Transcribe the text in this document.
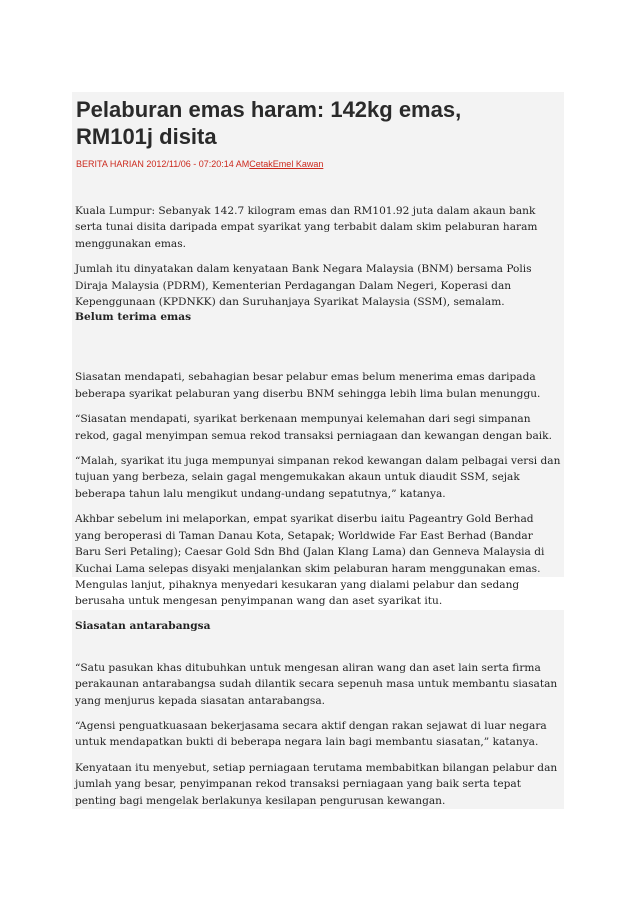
Pelaburan emas haram: 142kg emas,
RM101j disita
BERITA HARIAN 2012/11/06 - 07:20:14 AMCetakEmel Kawan
Kuala Lumpur: Sebanyak 142.7 kilogram emas dan RM101.92 juta dalam akaun bank serta tunai disita daripada empat syarikat yang terbabit dalam skim pelaburan haram menggunakan emas.
Jumlah itu dinyatakan dalam kenyataan Bank Negara Malaysia (BNM) bersama Polis Diraja Malaysia (PDRM), Kementerian Perdagangan Dalam Negeri, Koperasi dan Kepenggunaan (KPDNKK) dan Suruhanjaya Syarikat Malaysia (SSM), semalam.
Belum terima emas
Siasatan mendapati, sebahagian besar pelabur emas belum menerima emas daripada beberapa syarikat pelaburan yang diserbu BNM sehingga lebih lima bulan menunggu.
“Siasatan mendapati, syarikat berkenaan mempunyai kelemahan dari segi simpanan rekod, gagal menyimpan semua rekod transaksi perniagaan dan kewangan dengan baik.
“Malah, syarikat itu juga mempunyai simpanan rekod kewangan dalam pelbagai versi dan tujuan yang berbeza, selain gagal mengemukakan akaun untuk diaudit SSM, sejak beberapa tahun lalu mengikut undang-undang sepatutnya,” katanya.
Akhbar sebelum ini melaporkan, empat syarikat diserbu iaitu Pageantry Gold Berhad yang beroperasi di Taman Danau Kota, Setapak; Worldwide Far East Berhad (Bandar Baru Seri Petaling); Caesar Gold Sdn Bhd (Jalan Klang Lama) dan Genneva Malaysia di Kuchai Lama selepas disyaki menjalankan skim pelaburan haram menggunakan emas.
Mengulas lanjut, pihaknya menyedari kesukaran yang dialami pelabur dan sedang berusaha untuk mengesan penyimpanan wang dan aset syarikat itu.
Siasatan antarabangsa
“Satu pasukan khas ditubuhkan untuk mengesan aliran wang dan aset lain serta firma perakaunan antarabangsa sudah dilantik secara sepenuh masa untuk membantu siasatan yang menjurus kepada siasatan antarabangsa.
“Agensi penguatkuasaan bekerjasama secara aktif dengan rakan sejawat di luar negara untuk mendapatkan bukti di beberapa negara lain bagi membantu siasatan,” katanya.
Kenyataan itu menyebut, setiap perniagaan terutama membabitkan bilangan pelabur dan jumlah yang besar, penyimpanan rekod transaksi perniagaan yang baik serta tepat penting bagi mengelak berlakunya kesilapan pengurusan kewangan.
